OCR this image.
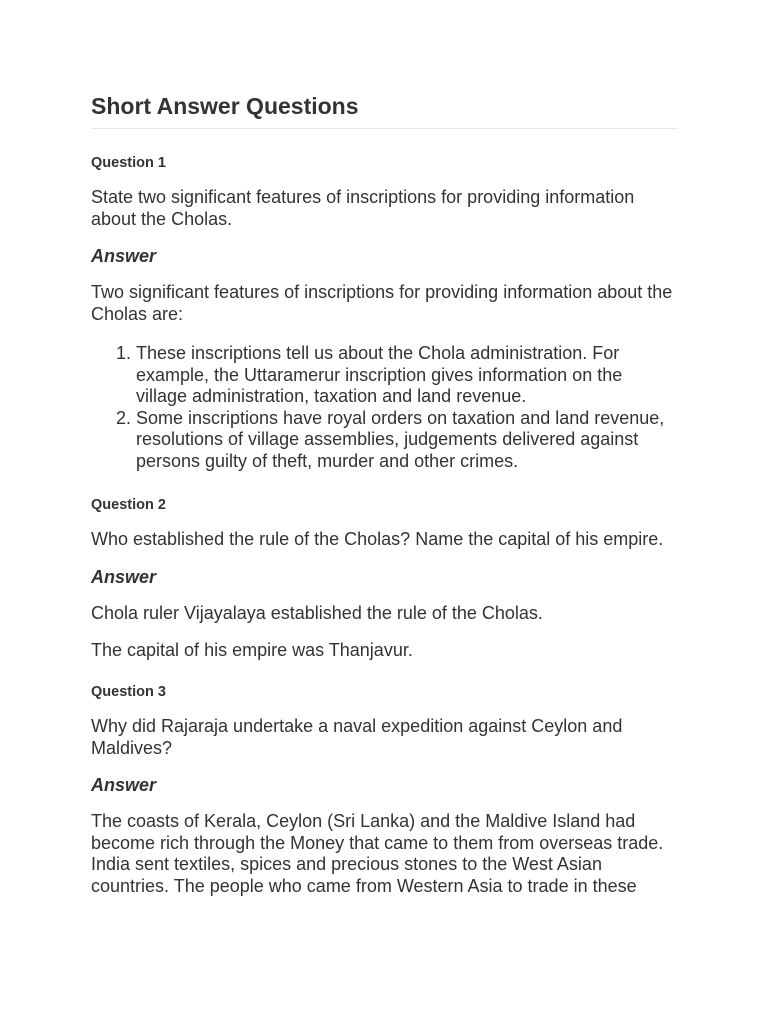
Short Answer Questions
Question 1

State two significant features of inscriptions for providing information about the Cholas.

Answer

Two significant features of inscriptions for providing information about the Cholas are:

1. These inscriptions tell us about the Chola administration. For example, the Uttaramerur inscription gives information on the village administration, taxation and land revenue.
2. Some inscriptions have royal orders on taxation and land revenue, resolutions of village assemblies, judgements delivered against persons guilty of theft, murder and other crimes.
Question 2

Who established the rule of the Cholas? Name the capital of his empire.

Answer

Chola ruler Vijayalaya established the rule of the Cholas.

The capital of his empire was Thanjavur.

Question 3

Why did Rajaraja undertake a naval expedition against Ceylon and Maldives?

Answer

The coasts of Kerala, Ceylon (Sri Lanka) and the Maldive Island had become rich through the Money that came to them from overseas trade. India sent textiles, spices and precious stones to the West Asian countries. The people who came from Western Asia to trade in these
